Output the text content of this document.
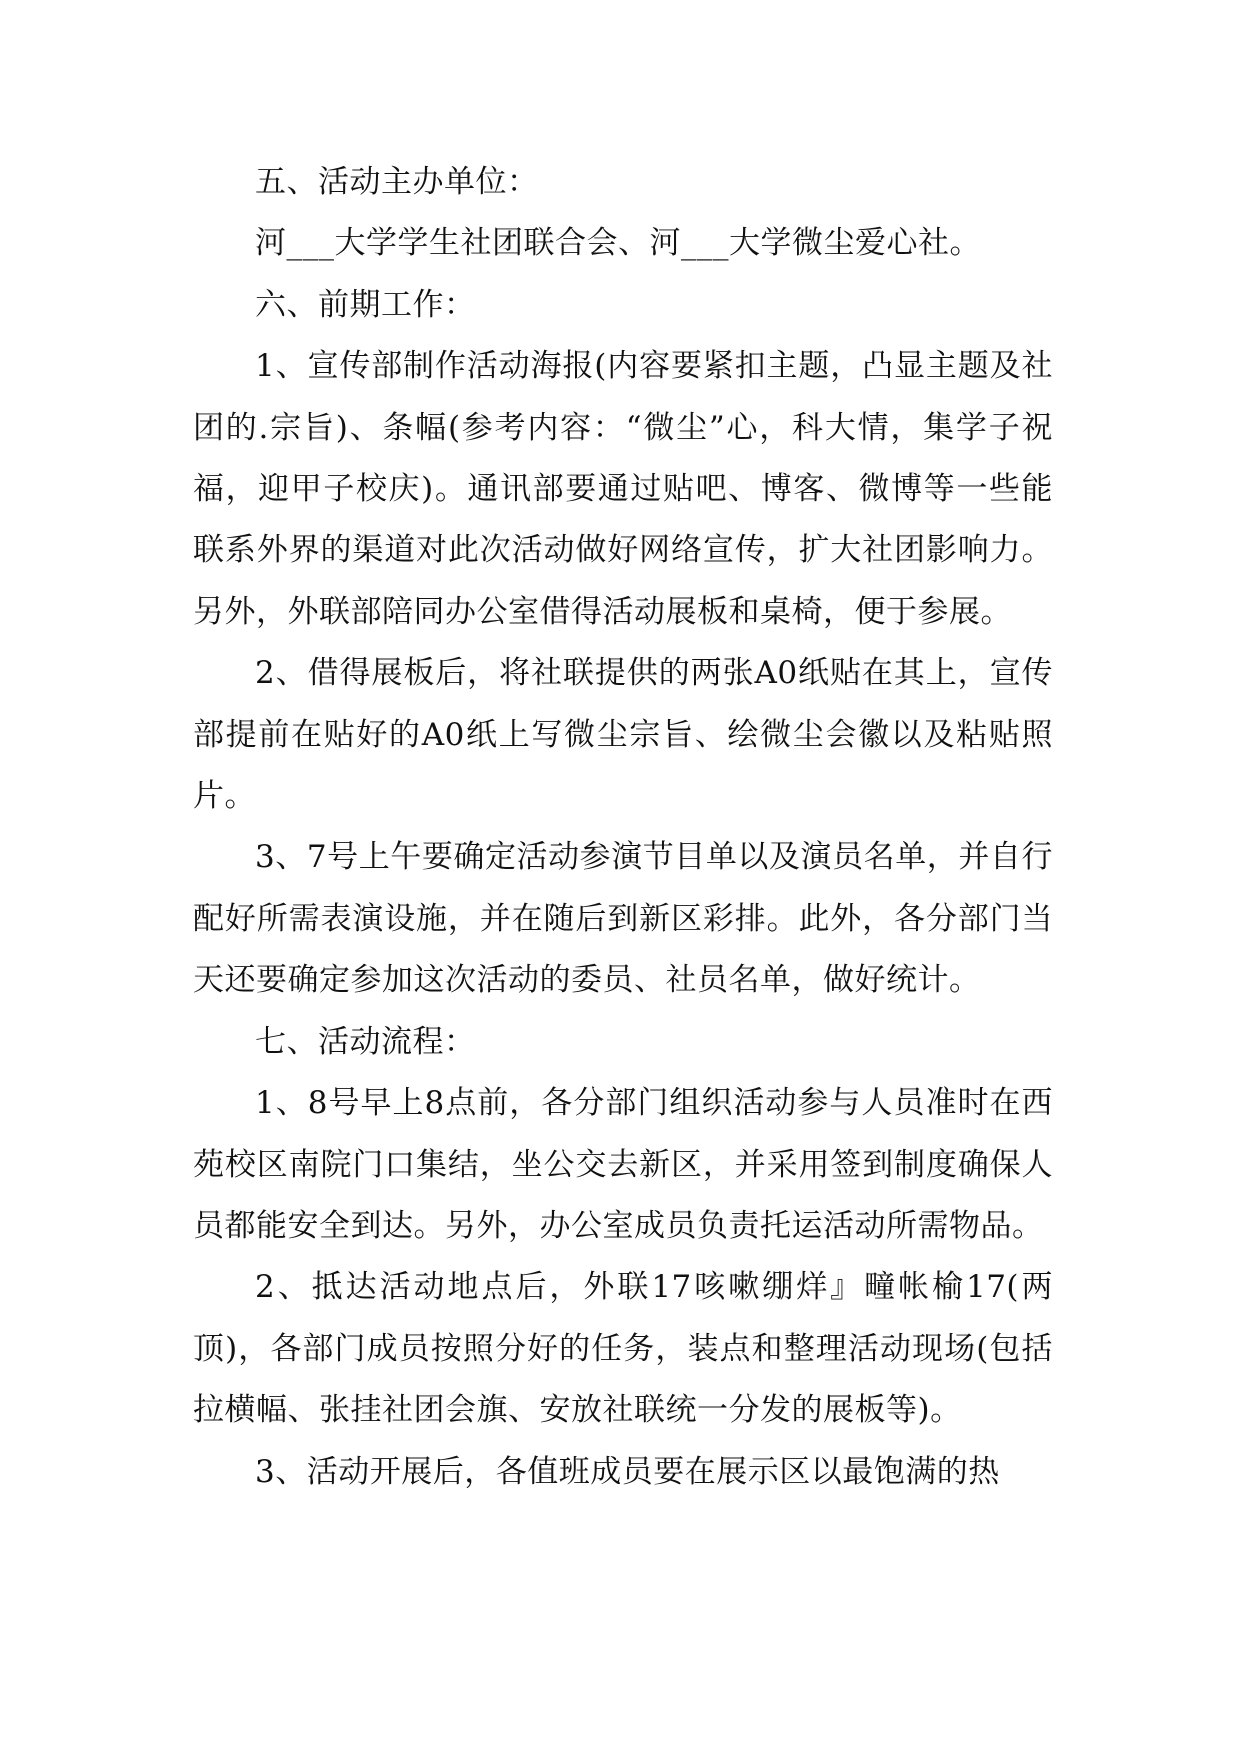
五、活动主办单位：

河___大学学生社团联合会、河___大学微尘爱心社。

六、前期工作：

1、宣传部制作活动海报(内容要紧扣主题，凸显主题及社团的.宗旨)、条幅(参考内容：“微尘”心，科大情，集学子祝福，迎甲子校庆)。通讯部要通过贴吧、博客、微博等一些能联系外界的渠道对此次活动做好网络宣传，扩大社团影响力。另外，外联部陪同办公室借得活动展板和桌椅，便于参展。

2、借得展板后，将社联提供的两张A0纸贴在其上，宣传部提前在贴好的A0纸上写微尘宗旨、绘微尘会徽以及粘贴照片。

3、7号上午要确定活动参演节目单以及演员名单，并自行配好所需表演设施，并在随后到新区彩排。此外，各分部门当天还要确定参加这次活动的委员、社员名单，做好统计。

七、活动流程：

1、8号早上8点前，各分部门组织活动参与人员准时在西苑校区南院门口集结，坐公交去新区，并采用签到制度确保人员都能安全到达。另外，办公室成员负责托运活动所需物品。

2、抵达活动地点后，外联17咳嗽绷烊』疃帐榆17(两顶)，各部门成员按照分好的任务，装点和整理活动现场(包括拉横幅、张挂社团会旗、安放社联统一分发的展板等)。

3、活动开展后，各值班成员要在展示区以最饱满的热
